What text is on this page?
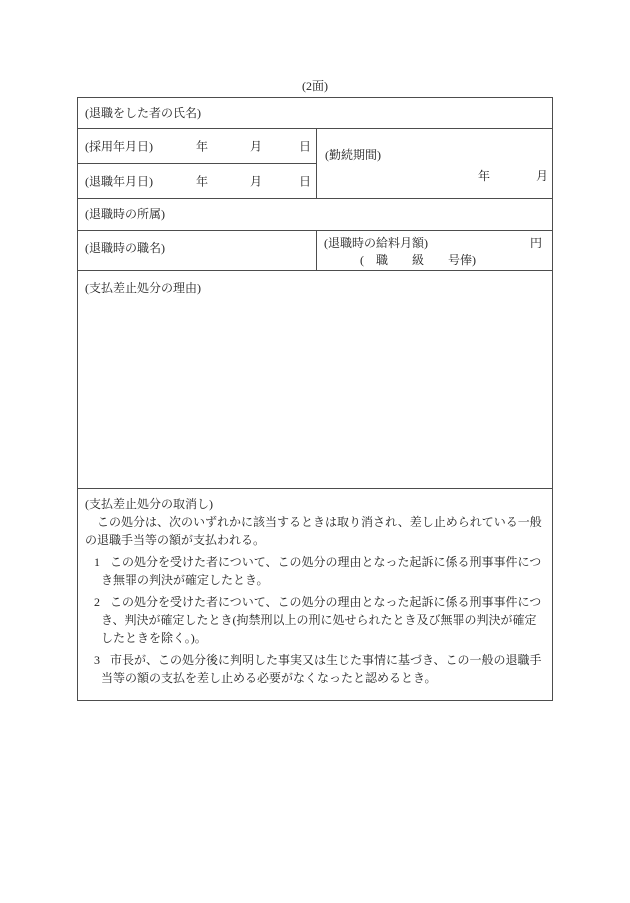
(2面)
(退職をした者の氏名)
(採用年月日)	年	月	日
(退職年月日)	年	月	日
(勤続期間)
年	月
(退職時の所属)
(退職時の職名)	(退職時の給料月額)	円
(　職　　級　　号俸)
(支払差止処分の理由)
(支払差止処分の取消し)
この処分は、次のいずれかに該当するときは取り消され、差し止められている一般の退職手当等の額が支払われる。
1 この処分を受けた者について、この処分の理由となった起訴に係る刑事事件につき無罪の判決が確定したとき。
2 この処分を受けた者について、この処分の理由となった起訴に係る刑事事件につき、判決が確定したとき(拘禁刑以上の刑に処せられたとき及び無罪の判決が確定したときを除く。)。
3 市長が、この処分後に判明した事実又は生じた事情に基づき、この一般の退職手当等の額の支払を差し止める必要がなくなったと認めるとき。
